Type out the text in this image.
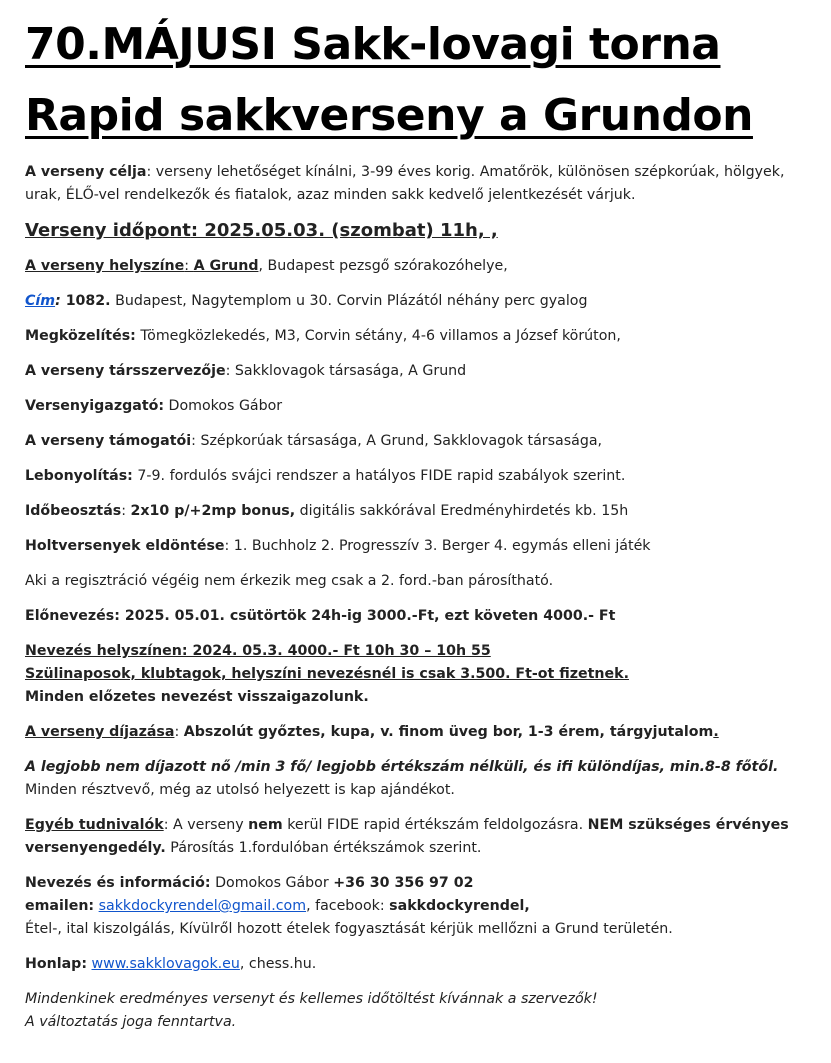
70.MÁJUSI Sakk-lovagi torna
Rapid sakkverseny a Grundon

A verseny célja: verseny lehetőséget kínálni, 3-99 éves korig. Amatőrök, különösen szépkorúak, hölgyek, urak, ÉLŐ-vel rendelkezők és fiatalok, azaz minden sakk kedvelő jelentkezését várjuk.

Verseny időpont: 2025.05.03. (szombat) 11h, ,

A verseny helyszíne: A Grund, Budapest pezsgő szórakozóhelye,

Cím: 1082. Budapest, Nagytemplom u 30. Corvin Plázától néhány perc gyalog

Megközelítés: Tömegközlekedés, M3, Corvin sétány, 4-6 villamos a József körúton,

A verseny társszervezője: Sakklovagok társasága, A Grund

Versenyigazgató: Domokos Gábor

A verseny támogatói: Szépkorúak társasága, A Grund, Sakklovagok társasága,

Lebonyolítás: 7-9. fordulós svájci rendszer a hatályos FIDE rapid szabályok szerint.

Időbeosztás: 2x10 p/+2mp bonus, digitális sakkórával Eredményhirdetés kb. 15h

Holtversenyek eldöntése: 1. Buchholz 2. Progresszív 3. Berger 4. egymás elleni játék

Aki a regisztráció végéig nem érkezik meg csak a 2. ford.-ban párosítható.

Előnevezés: 2025. 05.01. csütörtök 24h-ig 3000.-Ft, ezt követen 4000.- Ft

Nevezés helyszínen: 2024. 05.3. 4000.- Ft 10h 30 – 10h 55
Szülinaposok, klubtagok, helyszíni nevezésnél is csak 3.500. Ft-ot fizetnek.
Minden előzetes nevezést visszaigazolunk.

A verseny díjazása: Abszolút győztes, kupa, v. finom üveg bor, 1-3 érem, tárgyjutalom.

A legjobb nem díjazott nő /min 3 fő/ legjobb értékszám nélküli, és ifi különdíjas, min.8-8 főtől. Minden résztvevő, még az utolsó helyezett is kap ajándékot.

Egyéb tudnivalók: A verseny nem kerül FIDE rapid értékszám feldolgozásra. NEM szükséges érvényes versenyengedély. Párosítás 1.fordulóban értékszámok szerint.

Nevezés és információ: Domokos Gábor +36 30 356 97 02
emailen: sakkdockyrendel@gmail.com, facebook: sakkdockyrendel,
Étel-, ital kiszolgálás, Kívülről hozott ételek fogyasztását kérjük mellőzni a Grund területén.

Honlap: www.sakklovagok.eu, chess.hu.

Mindenkinek eredményes versenyt és kellemes időtöltést kívánnak a szervezők!
A változtatás joga fenntartva.
